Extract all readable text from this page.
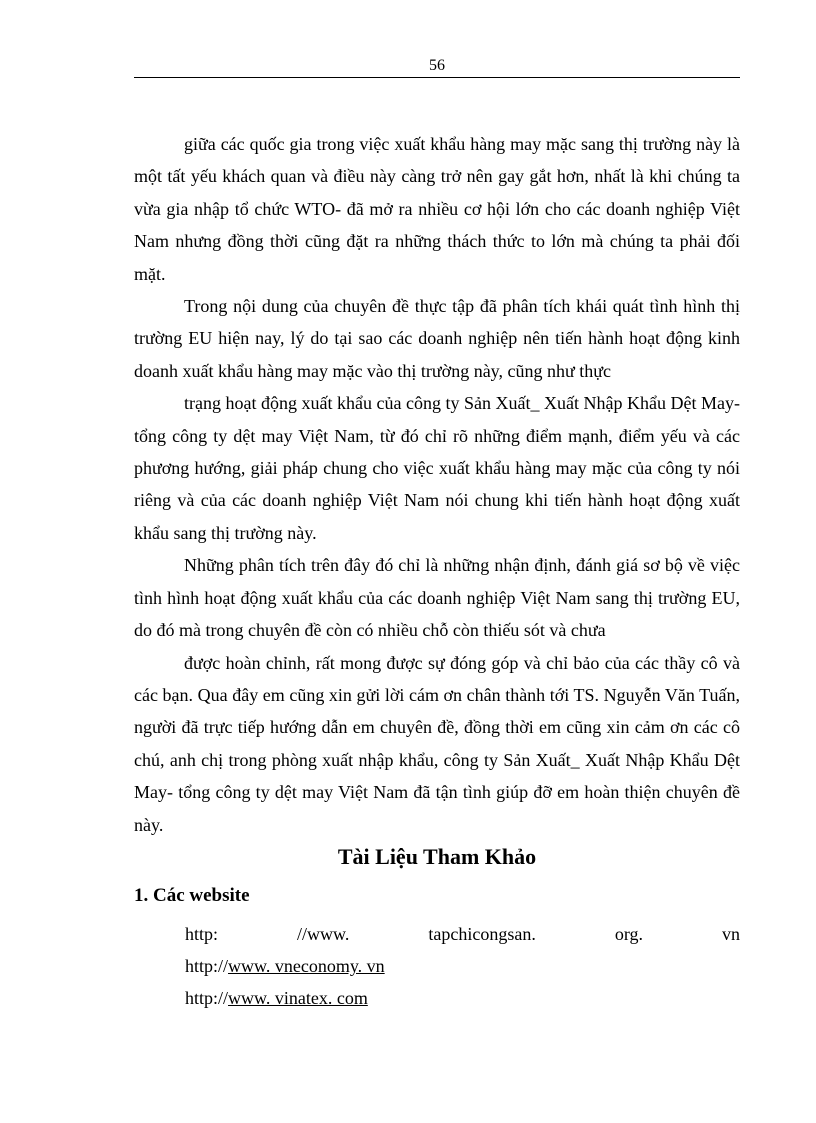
56

giữa các quốc gia trong việc xuất khẩu hàng may mặc sang thị trường này là một tất yếu khách quan và điều này càng trở nên gay gắt hơn, nhất là khi chúng ta vừa gia nhập tổ chức WTO- đã mở ra nhiều cơ hội lớn cho các doanh nghiệp Việt Nam nhưng đồng thời cũng đặt ra những thách thức to lớn mà chúng ta phải đối mặt.

Trong nội dung của chuyên đề thực tập đã phân tích khái quát tình hình thị trường EU hiện nay, lý do tại sao các doanh nghiệp nên tiến hành hoạt động kinh doanh xuất khẩu hàng may mặc vào thị trường này, cũng như thực

trạng hoạt động xuất khẩu của công ty Sản Xuất_ Xuất Nhập Khẩu Dệt May- tổng công ty dệt may Việt Nam, từ đó chỉ rõ những điểm mạnh, điểm yếu và các phương hướng, giải pháp chung cho việc xuất khẩu hàng may mặc của công ty nói riêng và của các doanh nghiệp Việt Nam nói chung khi tiến hành hoạt động xuất khẩu sang thị trường này.

Những phân tích trên đây đó chỉ là những nhận định, đánh giá sơ bộ về việc tình hình hoạt động xuất khẩu của các doanh nghiệp Việt Nam sang thị trường EU, do đó mà trong chuyên đề còn có nhiều chỗ còn thiếu sót và chưa

được hoàn chỉnh, rất mong được sự đóng góp và chỉ bảo của các thầy cô và các bạn. Qua đây em cũng xin gửi lời cám ơn chân thành tới TS. Nguyễn Văn Tuấn, người đã trực tiếp hướng dẫn em chuyên đề, đồng thời em cũng xin cảm ơn các cô chú, anh chị trong phòng xuất nhập khẩu, công ty Sản Xuất_ Xuất Nhập Khẩu Dệt May- tổng công ty dệt may Việt Nam đã tận tình giúp đỡ em hoàn thiện chuyên đề này.

Tài Liệu Tham Khảo
1. Các website
http:	//www.	tapchicongsan.	org.	vn
http://www. vneconomy. vn
http://www. vinatex. com
